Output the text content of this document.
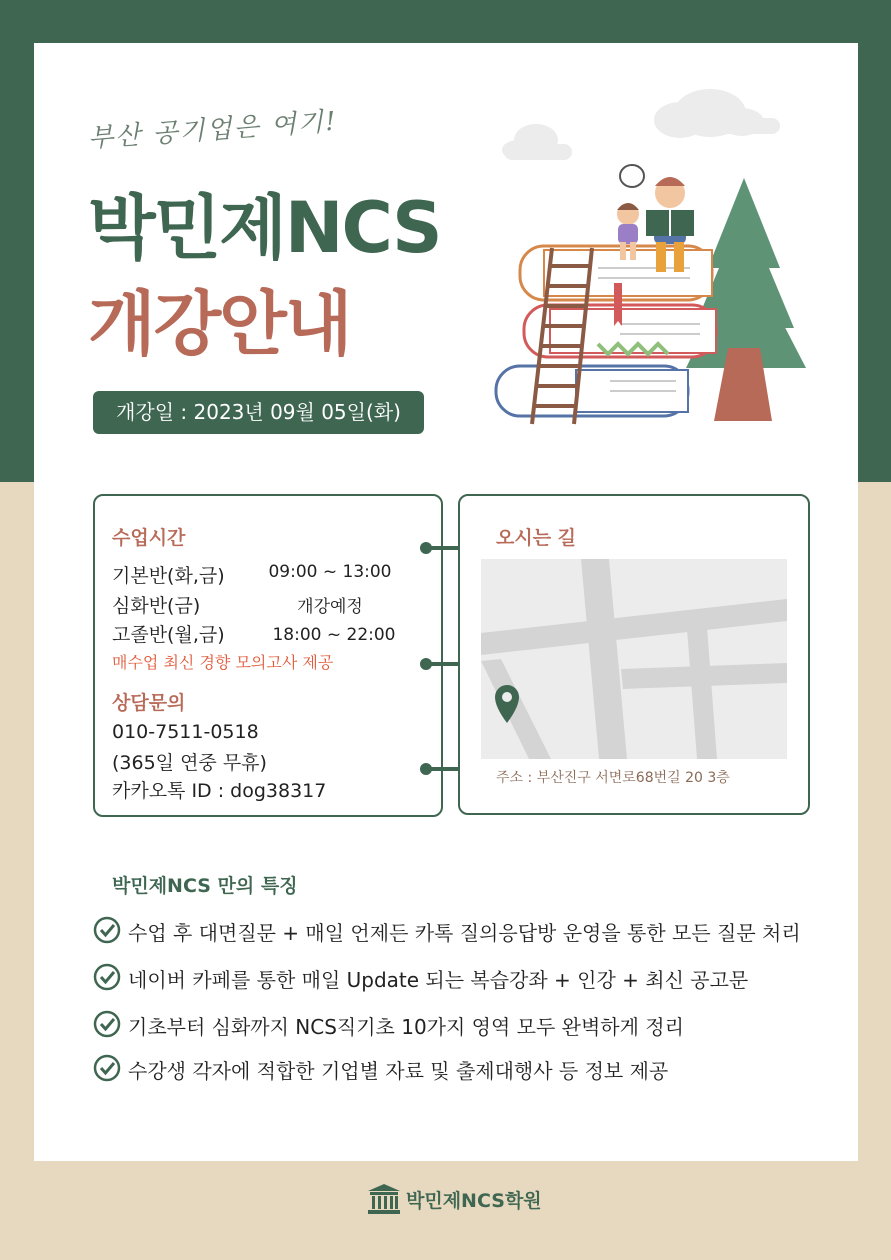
부산 공기업은 여기!
박민제NCS
개강안내
개강일 : 2023년 09월 05일(화)
수업시간
기본반(화,금)	09:00 ~ 13:00
심화반(금)	개강예정
고졸반(월,금)	18:00 ~ 22:00
매수업 최신 경향 모의고사 제공
상담문의
010-7511-0518
(365일 연중 무휴)
카카오톡 ID : dog38317
오시는 길
주소 : 부산진구 서면로68번길 20 3층
박민제NCS 만의 특징
수업 후 대면질문 + 매일 언제든 카톡 질의응답방 운영을 통한 모든 질문 처리
네이버 카페를 통한 매일 Update 되는 복습강좌 + 인강 + 최신 공고문
기초부터 심화까지 NCS직기초 10가지 영역 모두 완벽하게 정리
수강생 각자에 적합한 기업별 자료 및 출제대행사 등 정보 제공
박민제NCS학원
